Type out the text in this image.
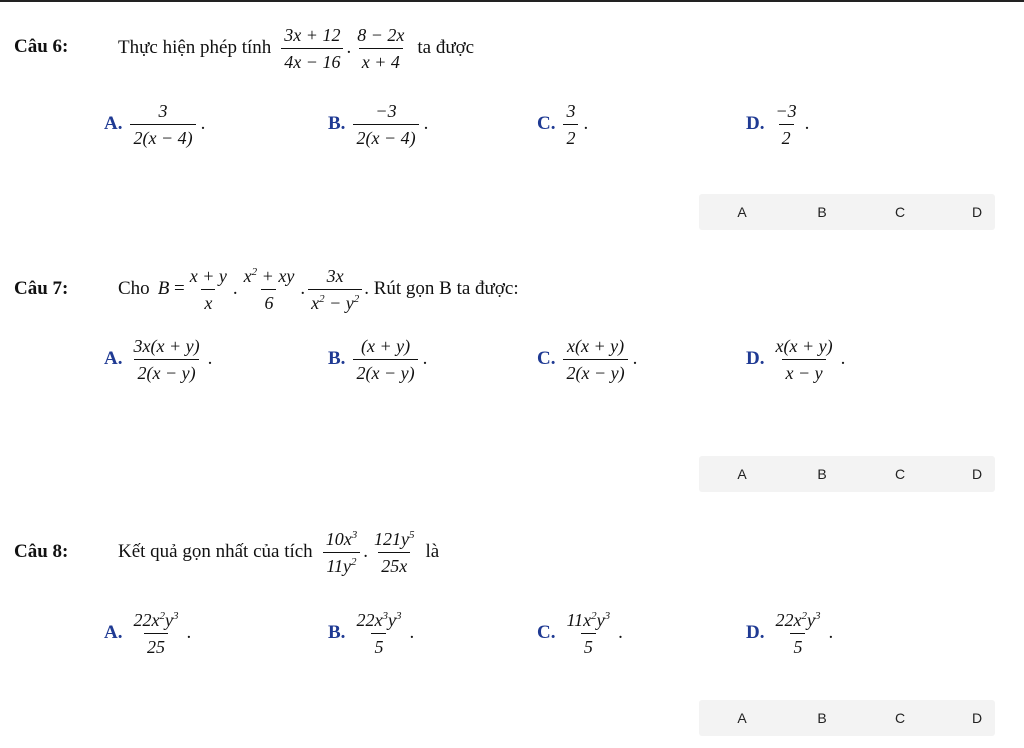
Câu 6:	Thực hiện phép tính $\frac{3x + 12}{4x - 16}$ . $\frac{8 - 2x}{x + 4}$ ta được
A. $\frac{3}{2(x - 4)}$ .	B. $\frac{-3}{2(x - 4)}$ .	C. $\frac{3}{2}$ .	D. $\frac{-3}{2}$ .
A	B	C	D
Câu 7:	Cho $B = \frac{x + y}{x}$ . $\frac{x^2 + xy}{6}$ . $\frac{3x}{x^2 - y^2}$ . Rút gọn B ta được:
A. $\frac{3x(x + y)}{2(x - y)}$ .	B. $\frac{(x + y)}{2(x - y)}$ .	C. $\frac{x(x + y)}{2(x - y)}$ .	D. $\frac{x(x + y)}{x - y}$ .
A	B	C	D
Câu 8:	Kết quả gọn nhất của tích $\frac{10x^3}{11y^2}$ . $\frac{121y^5}{25x}$ là
A. $\frac{22x^2y^3}{25}$ .	B. $\frac{22x^3y^3}{5}$ .	C. $\frac{11x^2y^3}{5}$ .	D. $\frac{22x^2y^3}{5}$ .
A	B	C	D
